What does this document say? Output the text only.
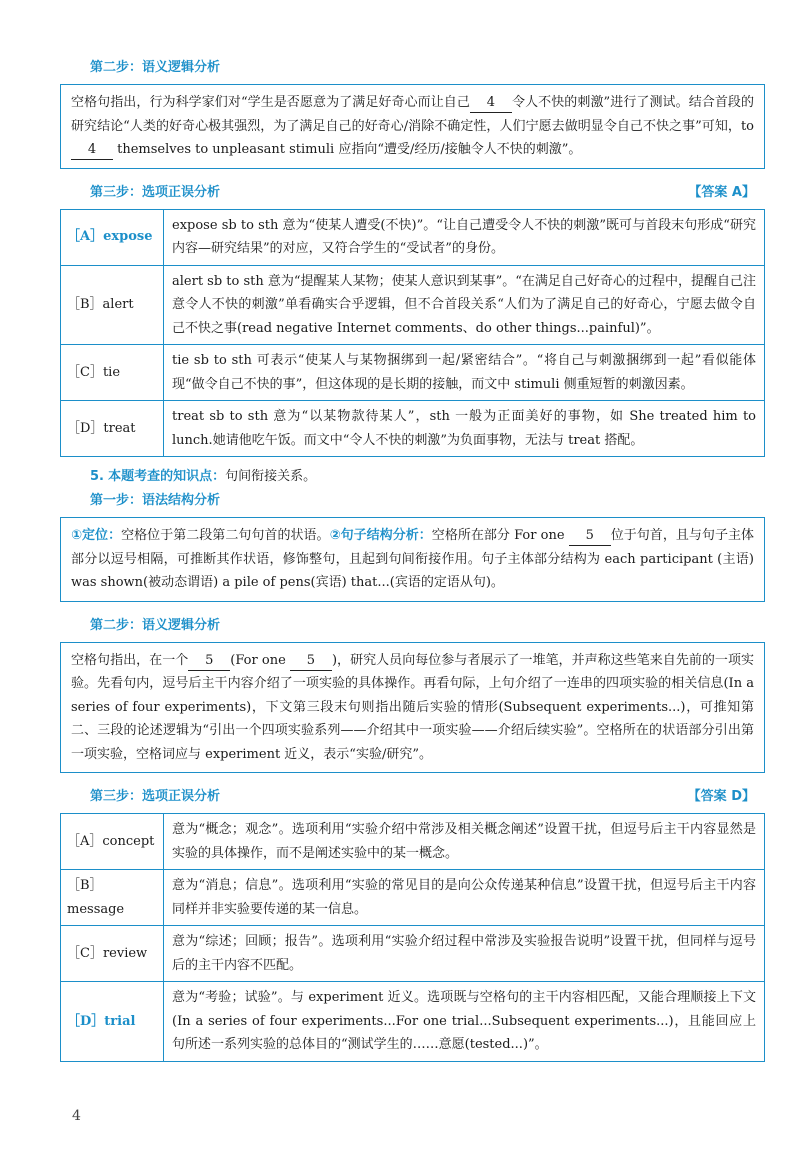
第二步：语义逻辑分析
空格句指出，行为科学家们对“学生是否愿意为了满足好奇心而让自己 4 令人不快的刺激”进行了测试。结合首段的研究结论“人类的好奇心极其强烈，为了满足自己的好奇心/消除不确定性，人们宁愿去做明显令自己不快之事”可知，to 4 themselves to unpleasant stimuli 应指向“遭受/经历/接触令人不快的刺激”。
第三步：选项正误分析	【答案 A】
［A］expose	expose sb to sth 意为“使某人遭受(不快)”。“让自己遭受令人不快的刺激”既可与首段末句形成“研究内容—研究结果”的对应，又符合学生的“受试者”的身份。
［B］alert	alert sb to sth 意为“提醒某人某物；使某人意识到某事”。“在满足自己好奇心的过程中，提醒自己注意令人不快的刺激”单看确实合乎逻辑，但不合首段关系“人们为了满足自己的好奇心，宁愿去做令自己不快之事(read negative Internet comments、do other things...painful)”。
［C］tie	tie sb to sth 可表示“使某人与某物捆绑到一起/紧密结合”。“将自己与刺激捆绑到一起”看似能体现“做令自己不快的事”，但这体现的是长期的接触，而文中 stimuli 侧重短暂的刺激因素。
［D］treat	treat sb to sth 意为“以某物款待某人”，sth 一般为正面美好的事物，如 She treated him to lunch.她请他吃午饭。而文中“令人不快的刺激”为负面事物，无法与 treat 搭配。
5. 本题考查的知识点：句间衔接关系。
第一步：语法结构分析
①定位：空格位于第二段第二句句首的状语。②句子结构分析：空格所在部分 For one 5 位于句首，且与句子主体部分以逗号相隔，可推断其作状语，修饰整句，且起到句间衔接作用。句子主体部分结构为 each participant (主语) was shown(被动态谓语) a pile of pens(宾语) that...(宾语的定语从句)。
第二步：语义逻辑分析
空格句指出，在一个 5 (For one 5 )，研究人员向每位参与者展示了一堆笔，并声称这些笔来自先前的一项实验。先看句内，逗号后主干内容介绍了一项实验的具体操作。再看句际，上句介绍了一连串的四项实验的相关信息(In a series of four experiments)，下文第三段末句则指出随后实验的情形(Subsequent experiments...)，可推知第二、三段的论述逻辑为“引出一个四项实验系列——介绍其中一项实验——介绍后续实验”。空格所在的状语部分引出第一项实验，空格词应与 experiment 近义，表示“实验/研究”。
第三步：选项正误分析	【答案 D】
［A］concept	意为“概念；观念”。选项利用“实验介绍中常涉及相关概念阐述”设置干扰，但逗号后主干内容显然是实验的具体操作，而不是阐述实验中的某一概念。
［B］message	意为“消息；信息”。选项利用“实验的常见目的是向公众传递某种信息”设置干扰，但逗号后主干内容同样并非实验要传递的某一信息。
［C］review	意为“综述；回顾；报告”。选项利用“实验介绍过程中常涉及实验报告说明”设置干扰，但同样与逗号后的主干内容不匹配。
［D］trial	意为“考验；试验”。与 experiment 近义。选项既与空格句的主干内容相匹配，又能合理顺接上下文(In a series of four experiments...For one trial...Subsequent experiments...)，且能回应上句所述一系列实验的总体目的“测试学生的……意愿(tested...)”。
4
